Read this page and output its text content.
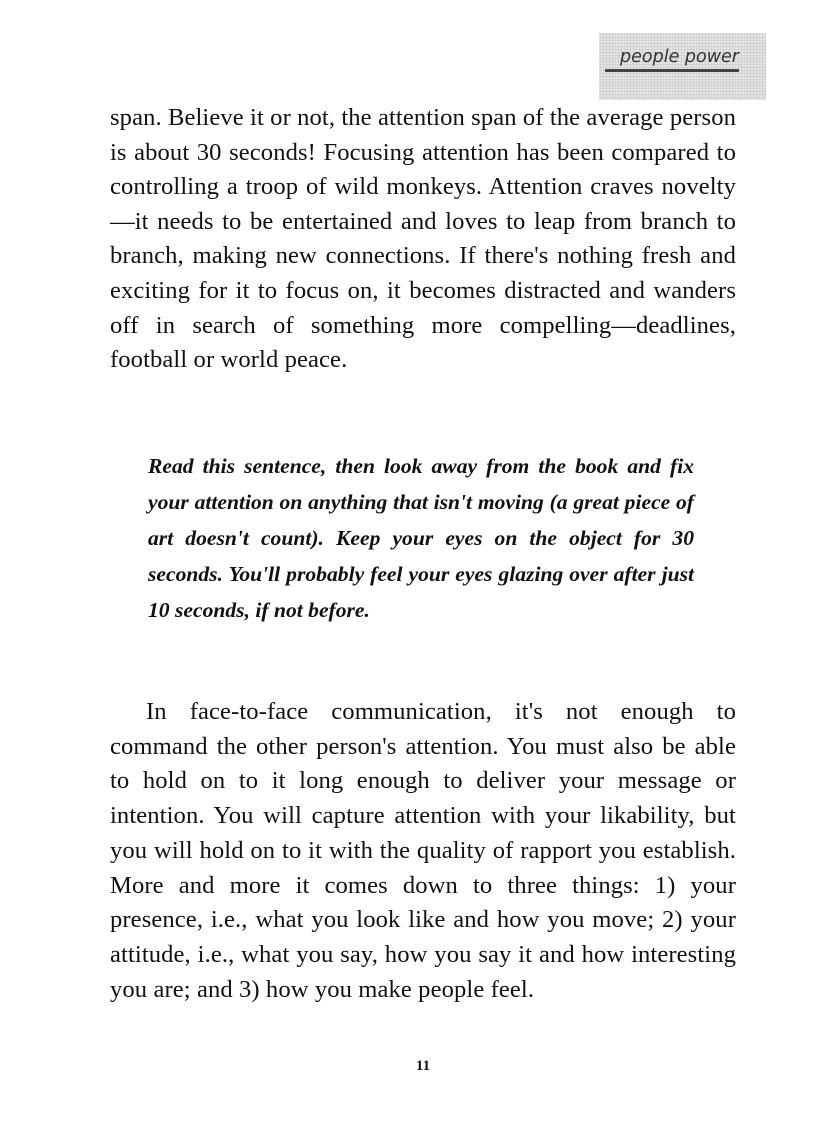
people power

span. Believe it or not, the attention span of the average person is about 30 seconds! Focusing attention has been compared to controlling a troop of wild monkeys. Attention craves novelty—it needs to be entertained and loves to leap from branch to branch, making new connections. If there's nothing fresh and exciting for it to focus on, it becomes distracted and wanders off in search of something more compelling—deadlines, football or world peace.

Read this sentence, then look away from the book and fix your attention on anything that isn't moving (a great piece of art doesn't count). Keep your eyes on the object for 30 seconds. You'll probably feel your eyes glazing over after just 10 seconds, if not before.

In face-to-face communication, it's not enough to command the other person's attention. You must also be able to hold on to it long enough to deliver your message or intention. You will capture attention with your likability, but you will hold on to it with the quality of rapport you establish. More and more it comes down to three things: 1) your presence, i.e., what you look like and how you move; 2) your attitude, i.e., what you say, how you say it and how interesting you are; and 3) how you make people feel.

11
